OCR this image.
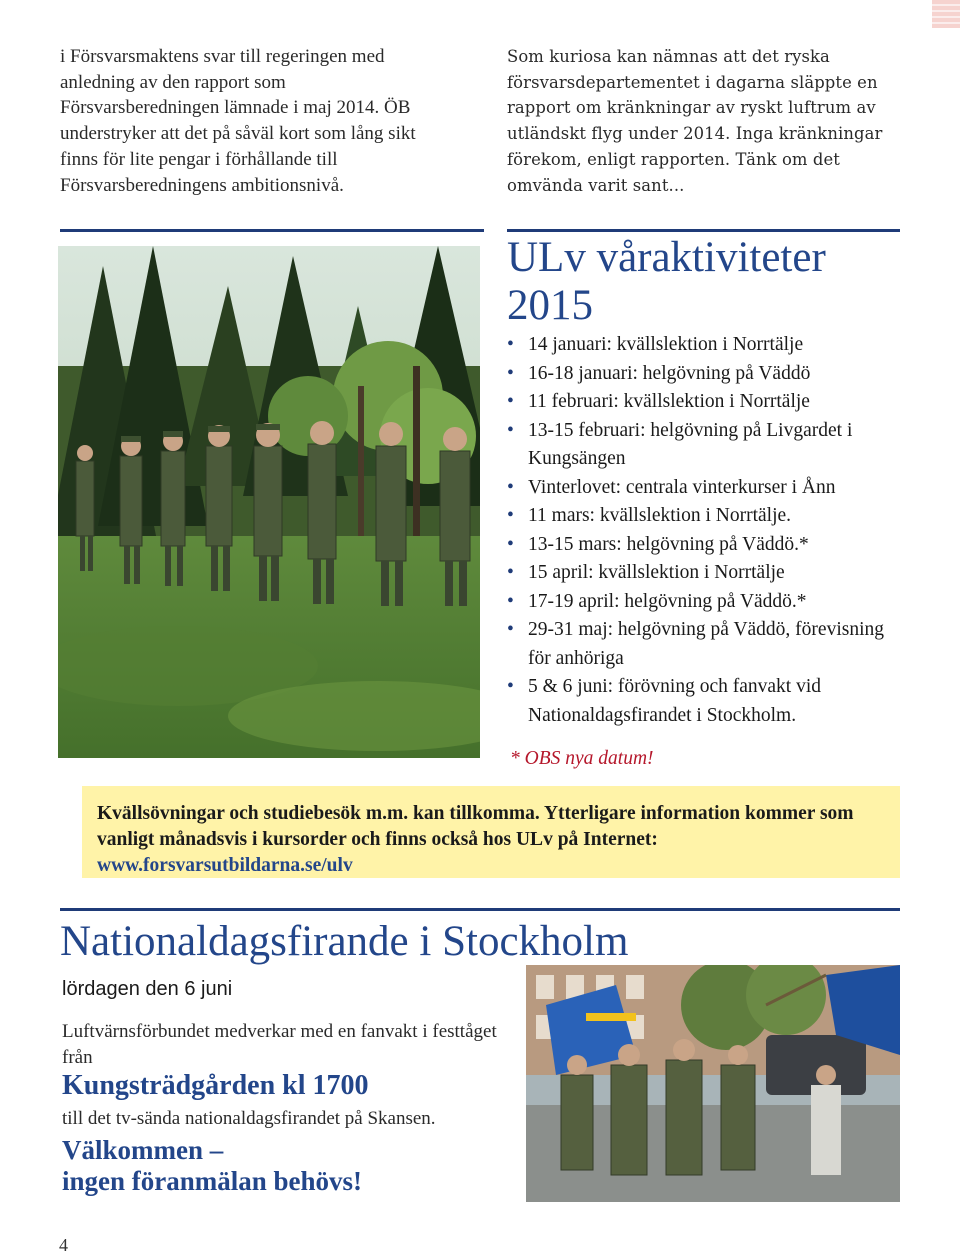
i Försvarsmaktens svar till regeringen med anledning av den rapport som Försvarsberedningen lämnade i maj 2014. ÖB understryker att det på såväl kort som lång sikt finns för lite pengar i förhållande till Försvarsberedningens ambitionsnivå.
Som kuriosa kan nämnas att det ryska försvarsdepartementet i dagarna släppte en rapport om kränkningar av ryskt luftrum av utländskt flyg under 2014. Inga kränkningar förekom, enligt rapporten. Tänk om det omvända varit sant...
ULv våraktiviteter
2015
• 14 januari: kvällslektion i Norrtälje
• 16-18 januari: helgövning på Väddö
• 11 februari: kvällslektion i Norrtälje
• 13-15 februari: helgövning på Livgardet i Kungsängen
• Vinterlovet: centrala vinterkurser i Ånn
• 11 mars: kvällslektion i Norrtälje.
• 13-15 mars: helgövning på Väddö.*
• 15 april: kvällslektion i Norrtälje
• 17-19 april: helgövning på Väddö.*
• 29-31 maj: helgövning på Väddö, förevisning för anhöriga
• 5 & 6 juni: förövning och fanvakt vid Nationaldagsfirandet i Stockholm.
* OBS nya datum!
Kvällsövningar och studiebesök m.m. kan tillkomma. Ytterligare information kommer som vanligt månadsvis i kursorder och finns också hos ULv på Internet: www.forsvarsutbildarna.se/ulv
Nationaldagsfirande i Stockholm
lördagen den 6 juni
Luftvärnsförbundet medverkar med en fanvakt i festtåget från
Kungsträdgården kl 1700
till det tv-sända nationaldagsfirandet på Skansen.
Välkommen –
ingen föranmälan behövs!
4
